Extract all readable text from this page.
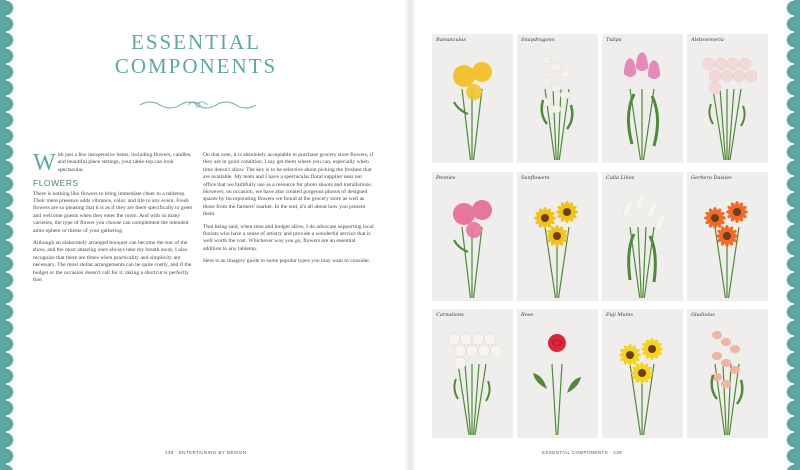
ESSENTIAL
COMPONENTS

W ith just a few inexpensive items, including flowers, candles, and beautiful place settings, your table-top can look spectacular.

FLOWERS

There is nothing like flowers to bring immediate cheer to a tabletop. Their mere presence adds vibrance, color, and life to any event. Fresh flowers are so pleasing that it is as if they are there specifically to greet and welcome guests when they enter the room. And with so many varieties, the type of flower you choose can complement the intended atmo-sphere or theme of your gathering.

Although an elaborately arranged bouquet can become the star of the show, and the most amazing ones always take my breath away, I also recognize that there are times when practicality and simplicity are necessary. The most stellar arrangements can be quite costly, and if the budget or the occasion doesn't call for it, taking a shortcut is perfectly fine.

On that note, it is absolutely acceptable to purchase grocery store flowers, if they are in good condition. I say get them where you can, especially when time doesn't allow. The key is to be selective about picking the freshest that are available. My team and I have a spectacular floral supplier near our office that we faithfully use as a resource for photo shoots and installations. However, on occasion, we have also created gorgeous photos of designed spaces by incorporating flowers we found at the grocery store as well as those from the farmers' market. In the end, it's all about how you present them.

That being said, when time and budget allow, I do advocate supporting local florists who have a sense of artistry and provide a wonderful service that is well worth the cost. Whichever way you go, flowers are an essential addition to any tabletop.

Here is an imagery guide to some popular types you may want to consider.

238 · ENTERTAINING BY DESIGN	ESSENTIAL COMPONENTS · 239
Ranunculus	Snapdragons	Tulips	Alstroemeria
Peonies	Sunflowers	Calla Lilies	Gerbera Daisies
Carnations	Rose	Fuji Mums	Gladiolus
